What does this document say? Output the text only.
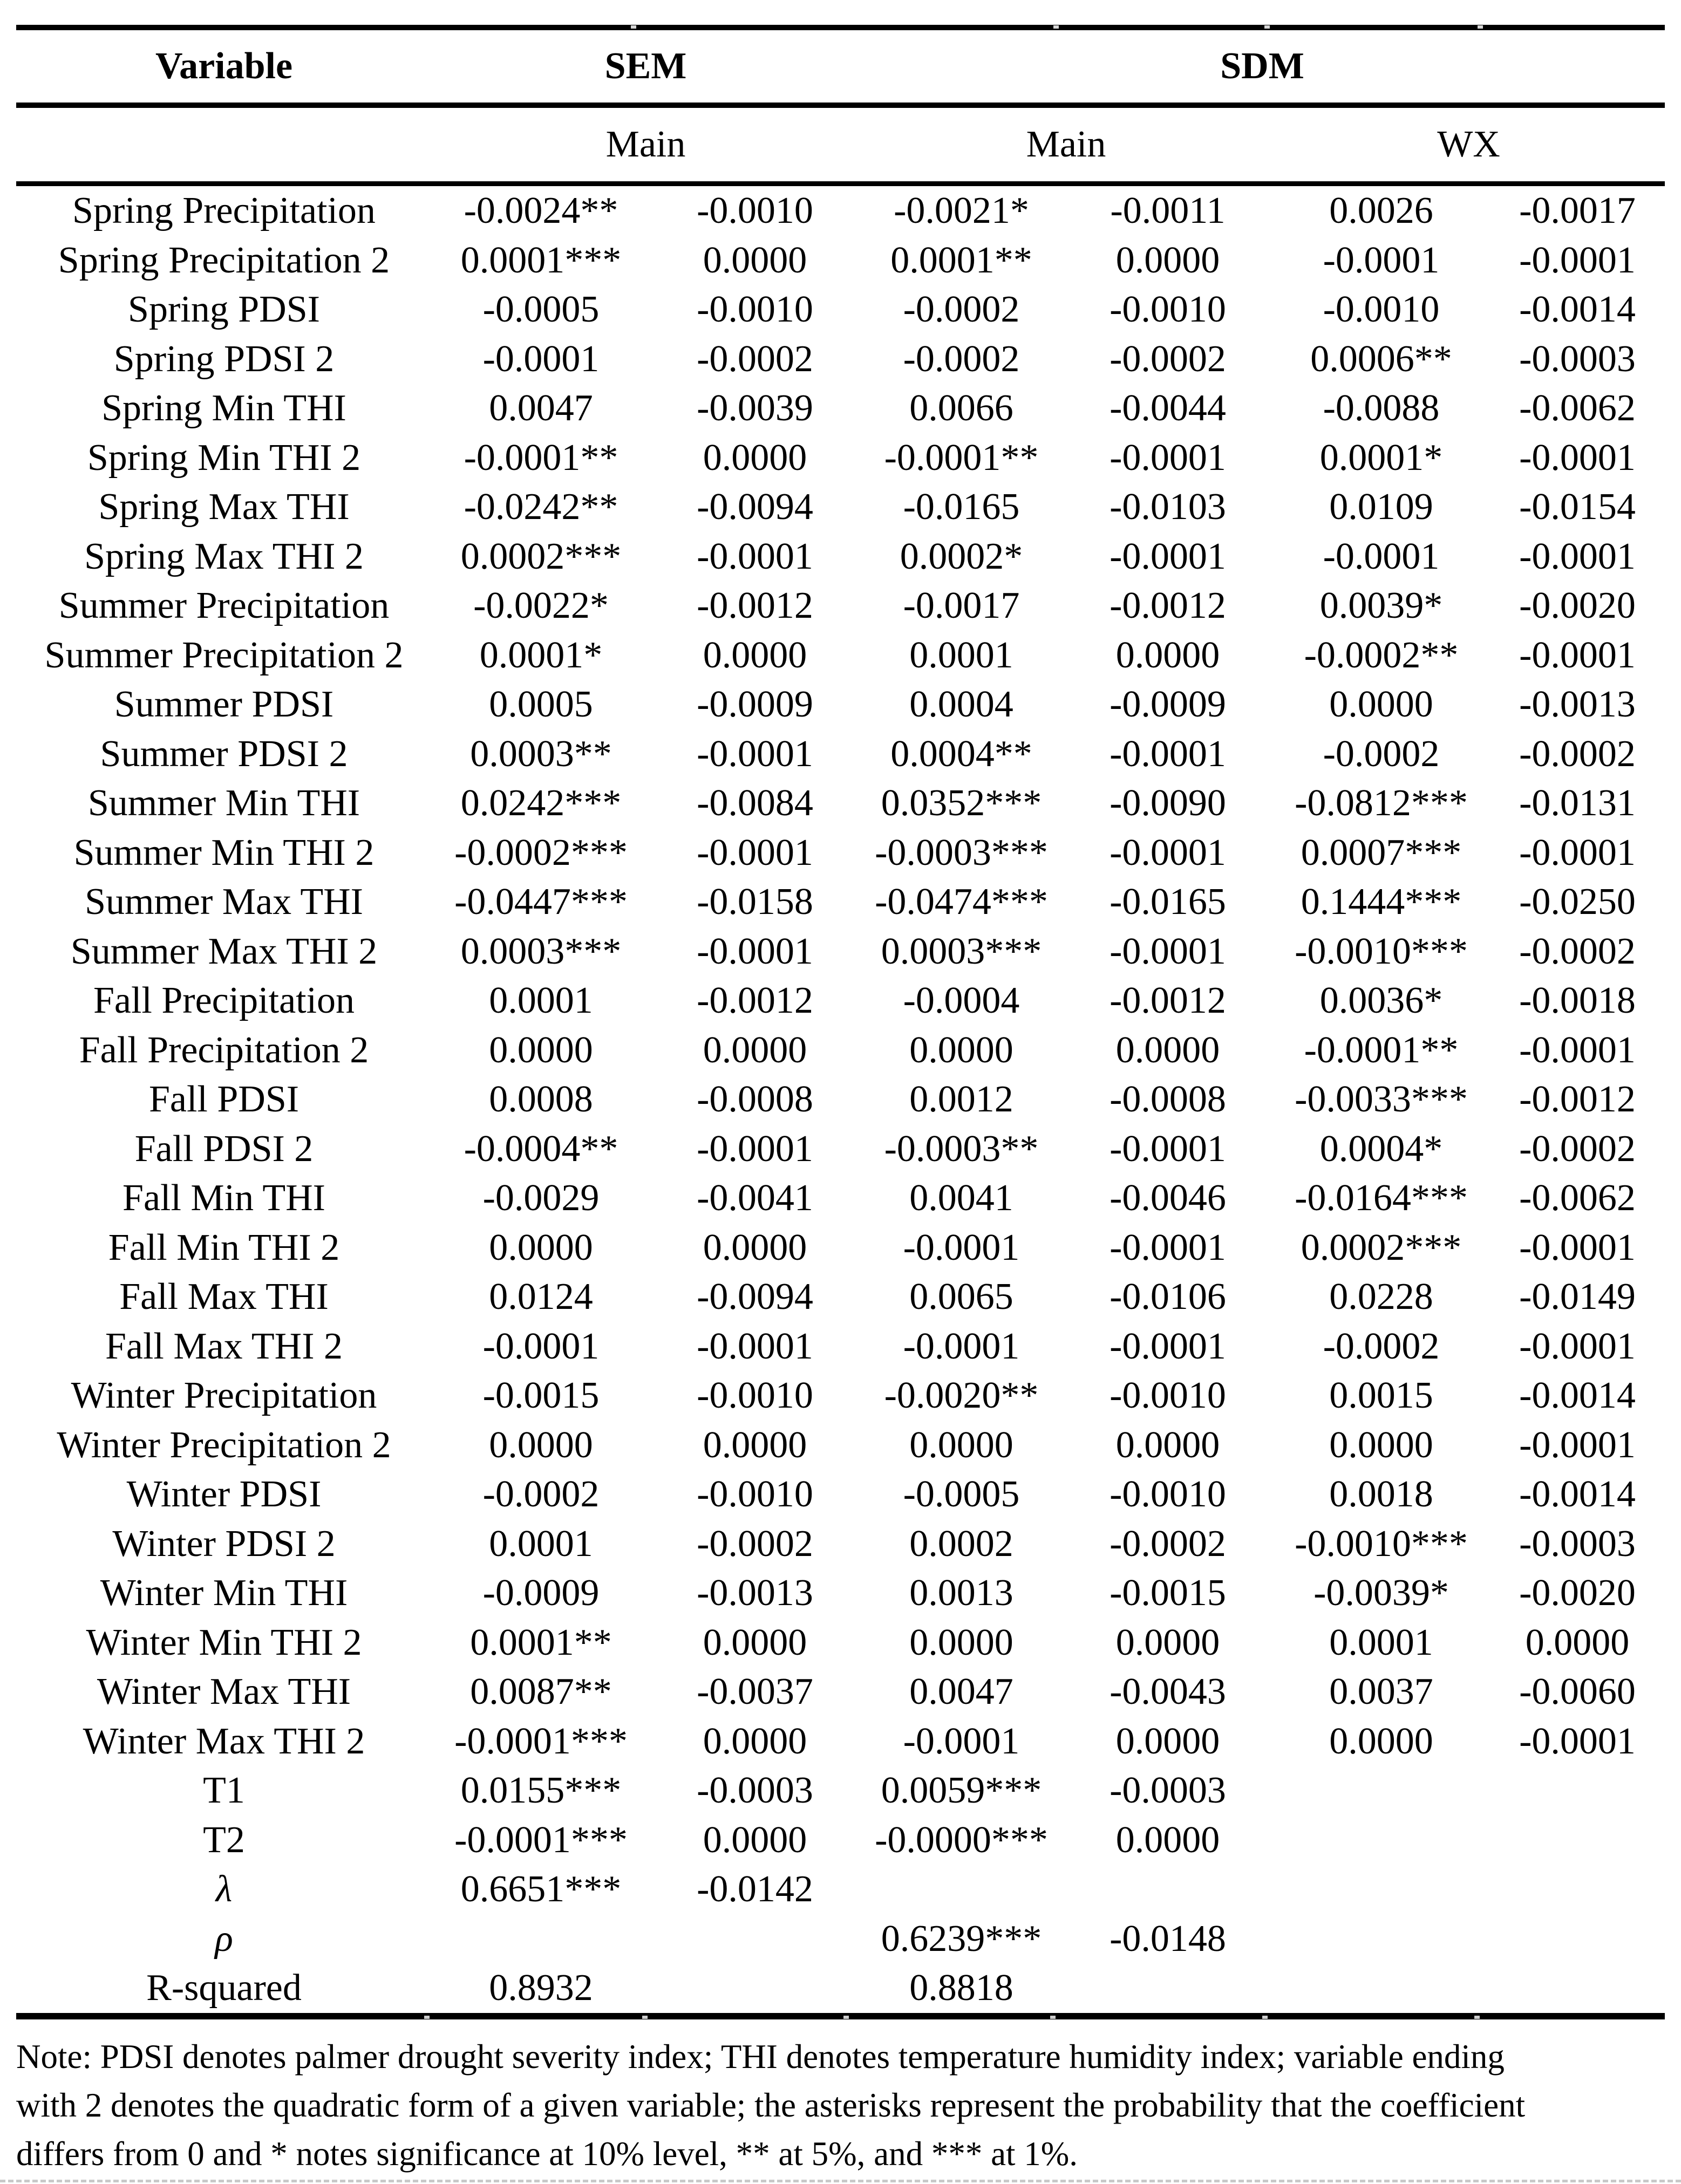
Variable	SEM		SDM			
	Main		Main		WX	
Spring Precipitation	-0.0024**	-0.0010	-0.0021*	-0.0011	0.0026	-0.0017
Spring Precipitation 2	0.0001***	0.0000	0.0001**	0.0000	-0.0001	-0.0001
Spring PDSI	-0.0005	-0.0010	-0.0002	-0.0010	-0.0010	-0.0014
Spring PDSI 2	-0.0001	-0.0002	-0.0002	-0.0002	0.0006**	-0.0003
Spring Min THI	0.0047	-0.0039	0.0066	-0.0044	-0.0088	-0.0062
Spring Min THI 2	-0.0001**	0.0000	-0.0001**	-0.0001	0.0001*	-0.0001
Spring Max THI	-0.0242**	-0.0094	-0.0165	-0.0103	0.0109	-0.0154
Spring Max THI 2	0.0002***	-0.0001	0.0002*	-0.0001	-0.0001	-0.0001
Summer Precipitation	-0.0022*	-0.0012	-0.0017	-0.0012	0.0039*	-0.0020
Summer Precipitation 2	0.0001*	0.0000	0.0001	0.0000	-0.0002**	-0.0001
Summer PDSI	0.0005	-0.0009	0.0004	-0.0009	0.0000	-0.0013
Summer PDSI 2	0.0003**	-0.0001	0.0004**	-0.0001	-0.0002	-0.0002
Summer Min THI	0.0242***	-0.0084	0.0352***	-0.0090	-0.0812***	-0.0131
Summer Min THI 2	-0.0002***	-0.0001	-0.0003***	-0.0001	0.0007***	-0.0001
Summer Max THI	-0.0447***	-0.0158	-0.0474***	-0.0165	0.1444***	-0.0250
Summer Max THI 2	0.0003***	-0.0001	0.0003***	-0.0001	-0.0010***	-0.0002
Fall Precipitation	0.0001	-0.0012	-0.0004	-0.0012	0.0036*	-0.0018
Fall Precipitation 2	0.0000	0.0000	0.0000	0.0000	-0.0001**	-0.0001
Fall PDSI	0.0008	-0.0008	0.0012	-0.0008	-0.0033***	-0.0012
Fall PDSI 2	-0.0004**	-0.0001	-0.0003**	-0.0001	0.0004*	-0.0002
Fall Min THI	-0.0029	-0.0041	0.0041	-0.0046	-0.0164***	-0.0062
Fall Min THI 2	0.0000	0.0000	-0.0001	-0.0001	0.0002***	-0.0001
Fall Max THI	0.0124	-0.0094	0.0065	-0.0106	0.0228	-0.0149
Fall Max THI 2	-0.0001	-0.0001	-0.0001	-0.0001	-0.0002	-0.0001
Winter Precipitation	-0.0015	-0.0010	-0.0020**	-0.0010	0.0015	-0.0014
Winter Precipitation 2	0.0000	0.0000	0.0000	0.0000	0.0000	-0.0001
Winter PDSI	-0.0002	-0.0010	-0.0005	-0.0010	0.0018	-0.0014
Winter PDSI 2	0.0001	-0.0002	0.0002	-0.0002	-0.0010***	-0.0003
Winter Min THI	-0.0009	-0.0013	0.0013	-0.0015	-0.0039*	-0.0020
Winter Min THI 2	0.0001**	0.0000	0.0000	0.0000	0.0001	0.0000
Winter Max THI	0.0087**	-0.0037	0.0047	-0.0043	0.0037	-0.0060
Winter Max THI 2	-0.0001***	0.0000	-0.0001	0.0000	0.0000	-0.0001
T1	0.0155***	-0.0003	0.0059***	-0.0003		
T2	-0.0001***	0.0000	-0.0000***	0.0000		
λ	0.6651***	-0.0142				
ρ			0.6239***	-0.0148		
R-squared	0.8932		0.8818			
Note: PDSI denotes palmer drought severity index; THI denotes temperature humidity index; variable ending
with 2 denotes the quadratic form of a given variable; the asterisks represent the probability that the coefficient
differs from 0 and * notes significance at 10% level, ** at 5%, and *** at 1%.
